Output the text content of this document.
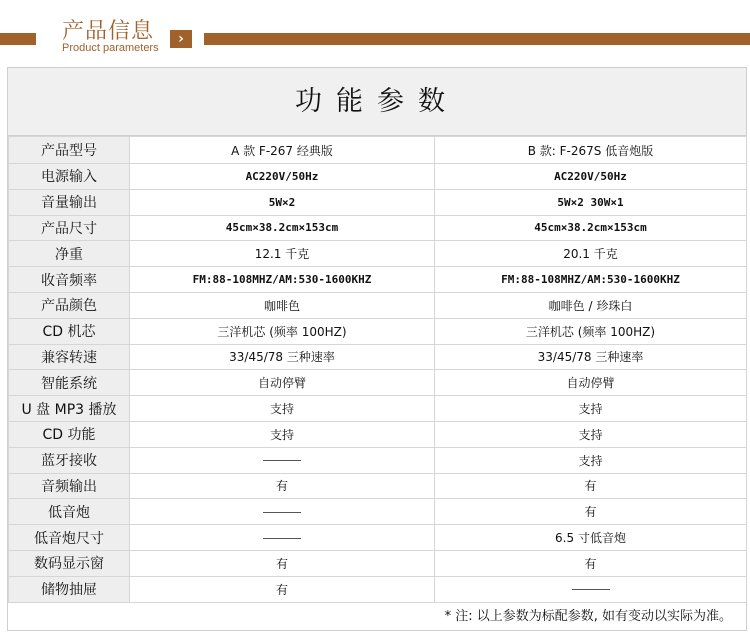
产品信息
Product parameters
›
功能参数
产品型号	A 款 F-267 经典版	B 款: F-267S 低音炮版
电源输入	AC220V/50Hz	AC220V/50Hz
音量输出	5W×2	5W×2 30W×1
产品尺寸	45cm×38.2cm×153cm	45cm×38.2cm×153cm
净重	12.1 千克	20.1 千克
收音频率	FM:88-108MHZ/AM:530-1600KHZ	FM:88-108MHZ/AM:530-1600KHZ
产品颜色	咖啡色	咖啡色 / 珍珠白
CD 机芯	三洋机芯 (频率 100HZ)	三洋机芯 (频率 100HZ)
兼容转速	33/45/78 三种速率	33/45/78 三种速率
智能系统	自动停臂	自动停臂
U 盘 MP3 播放	支持	支持
CD 功能	支持	支持
蓝牙接收		支持
音频输出	有	有
低音炮		有
低音炮尺寸		6.5 寸低音炮
数码显示窗	有	有
储物抽屉	有	
* 注: 以上参数为标配参数, 如有变动以实际为准。
